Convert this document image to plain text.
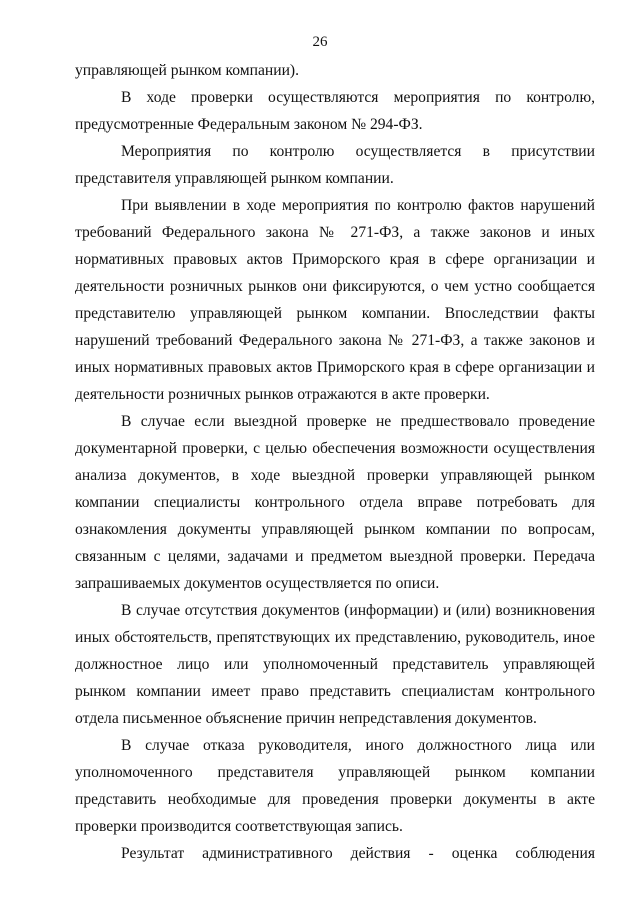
26

управляющей рынком компании).

В ходе проверки осуществляются мероприятия по контролю, предусмотренные Федеральным законом № 294-ФЗ.

Мероприятия по контролю осуществляется в присутствии представителя управляющей рынком компании.

При выявлении в ходе мероприятия по контролю фактов нарушений требований Федерального закона № 271-ФЗ, а также законов и иных нормативных правовых актов Приморского края в сфере организации и деятельности розничных рынков они фиксируются, о чем устно сообщается представителю управляющей рынком компании. Впоследствии факты нарушений требований Федерального закона № 271-ФЗ, а также законов и иных нормативных правовых актов Приморского края в сфере организации и деятельности розничных рынков отражаются в акте проверки.

В случае если выездной проверке не предшествовало проведение документарной проверки, с целью обеспечения возможности осуществления анализа документов, в ходе выездной проверки управляющей рынком компании специалисты контрольного отдела вправе потребовать для ознакомления документы управляющей рынком компании по вопросам, связанным с целями, задачами и предметом выездной проверки. Передача запрашиваемых документов осуществляется по описи.

В случае отсутствия документов (информации) и (или) возникновения иных обстоятельств, препятствующих их представлению, руководитель, иное должностное лицо или уполномоченный представитель управляющей рынком компании имеет право представить специалистам контрольного отдела письменное объяснение причин непредставления документов.

В случае отказа руководителя, иного должностного лица или уполномоченного представителя управляющей рынком компании представить необходимые для проведения проверки документы в акте проверки производится соответствующая запись.

Результат административного действия - оценка соблюдения
